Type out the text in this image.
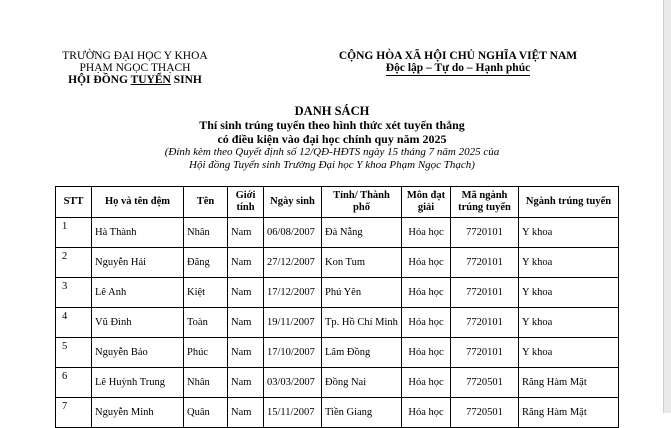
TRƯỜNG ĐẠI HỌC Y KHOA
PHẠM NGỌC THẠCH
HỘI ĐỒNG TUYỂN SINH
CỘNG HÒA XÃ HỘI CHỦ NGHĨA VIỆT NAM
Độc lập – Tự do – Hạnh phúc
DANH SÁCH
Thí sinh trúng tuyển theo hình thức xét tuyển thẳng
có điều kiện vào đại học chính quy năm 2025
(Đính kèm theo Quyết định số 12/QĐ-HĐTS ngày 15 tháng 7 năm 2025 của
Hội đồng Tuyển sinh Trường Đại học Y khoa Phạm Ngọc Thạch)
STT	Họ và tên đệm	Tên	Giới tính	Ngày sinh	Tỉnh/ Thành phố	Môn đạt giải	Mã ngành trúng tuyển	Ngành trúng tuyển
1	Hà Thành	Nhân	Nam	06/08/2007	Đà Nẵng	Hóa học	7720101	Y khoa
2	Nguyễn Hải	Đăng	Nam	27/12/2007	Kon Tum	Hóa học	7720101	Y khoa
3	Lê Anh	Kiệt	Nam	17/12/2007	Phú Yên	Hóa học	7720101	Y khoa
4	Vũ Đình	Toàn	Nam	19/11/2007	Tp. Hồ Chí Minh	Hóa học	7720101	Y khoa
5	Nguyễn Bảo	Phúc	Nam	17/10/2007	Lâm Đồng	Hóa học	7720101	Y khoa
6	Lê Huỳnh Trung	Nhân	Nam	03/03/2007	Đồng Nai	Hóa học	7720501	Răng Hàm Mặt
7	Nguyễn Minh	Quân	Nam	15/11/2007	Tiền Giang	Hóa học	7720501	Răng Hàm Mặt
